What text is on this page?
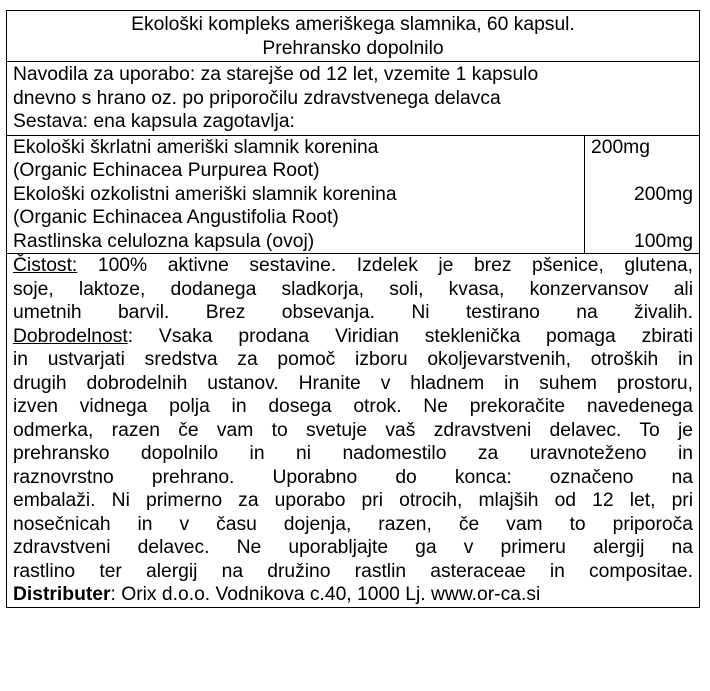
Ekološki kompleks ameriškega slamnika, 60 kapsul.
Prehransko dopolnilo
Navodila za uporabo: za starejše od 12 let, vzemite 1 kapsulo
dnevno s hrano oz. po priporočilu zdravstvenega delavca
Sestava: ena kapsula zagotavlja:
Ekološki škrlatni ameriški slamnik korenina
(Organic Echinacea Purpurea Root)
Ekološki ozkolistni ameriški slamnik korenina
(Organic Echinacea Angustifolia Root)
Rastlinska celulozna kapsula (ovoj)
200mg

200mg

100mg
Čistost: 100% aktivne sestavine. Izdelek je brez pšenice, glutena,
soje, laktoze, dodanega sladkorja, soli, kvasa, konzervansov ali
umetnih barvil. Brez obsevanja. Ni testirano na živalih.
Dobrodelnost: Vsaka prodana Viridian steklenička pomaga zbirati
in ustvarjati sredstva za pomoč izboru okoljevarstvenih, otroških in
drugih dobrodelnih ustanov. Hranite v hladnem in suhem prostoru,
izven vidnega polja in dosega otrok. Ne prekoračite navedenega
odmerka, razen če vam to svetuje vaš zdravstveni delavec. To je
prehransko dopolnilo in ni nadomestilo za uravnoteženo in
raznovrstno prehrano. Uporabno do konca: označeno na
embalaži. Ni primerno za uporabo pri otrocih, mlajših od 12 let, pri
nosečnicah in v času dojenja, razen, če vam to priporoča
zdravstveni delavec. Ne uporabljajte ga v primeru alergij na
rastlino ter alergij na družino rastlin asteraceae in compositae.
Distributer: Orix d.o.o. Vodnikova c.40, 1000 Lj. www.or-ca.si
